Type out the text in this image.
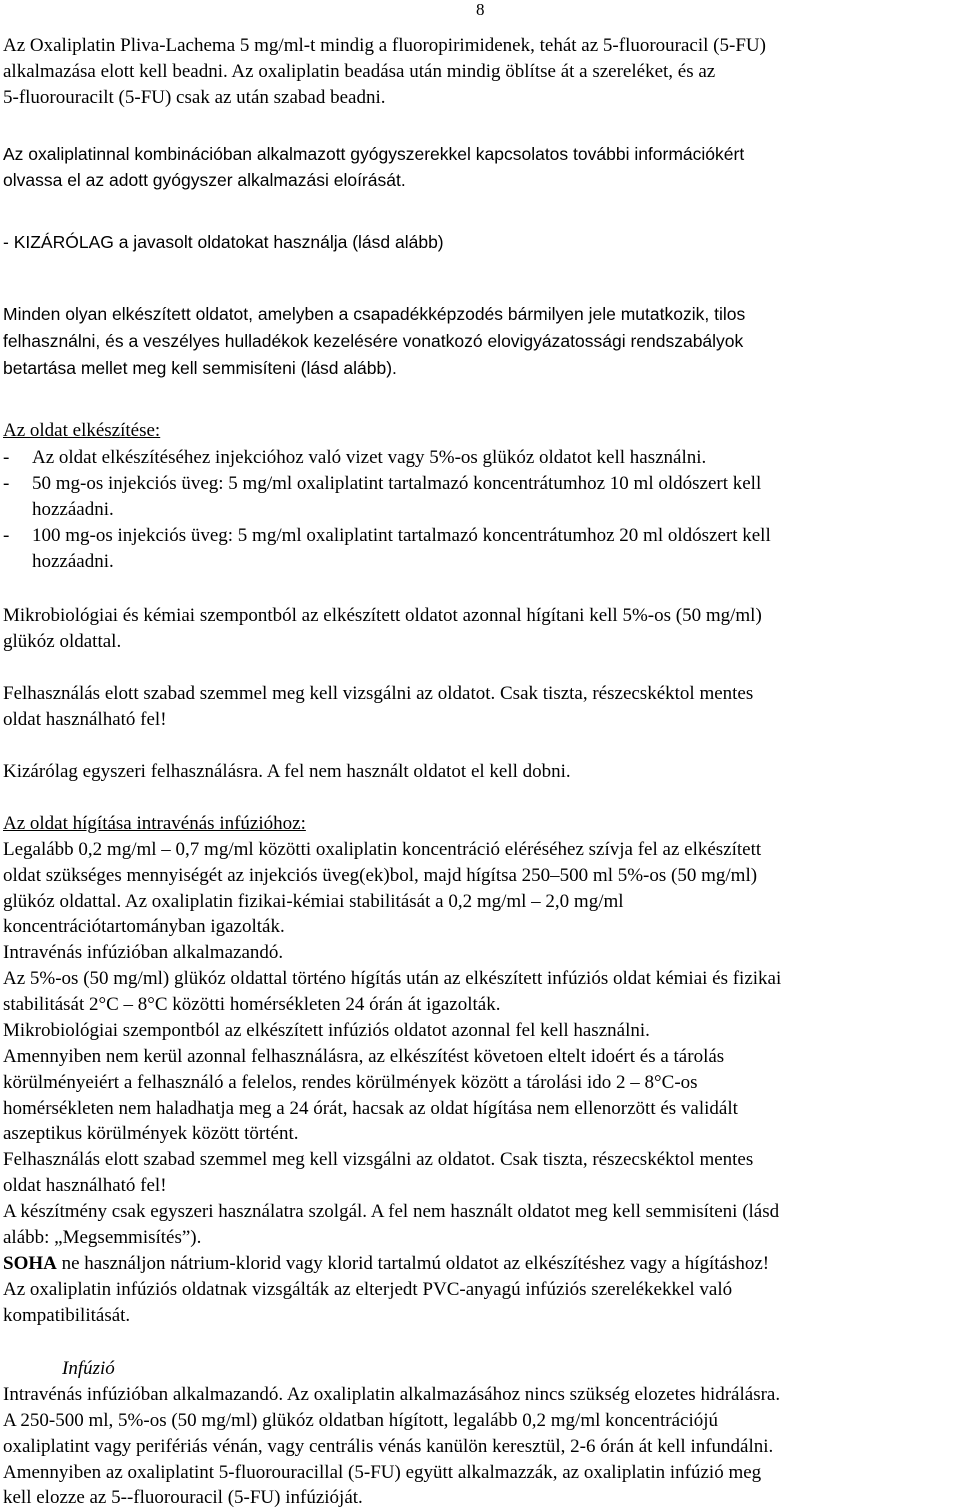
8
Az Oxaliplatin Pliva-Lachema 5 mg/ml-t mindig a fluoropirimidenek, tehát az 5-fluorouracil (5-FU)
alkalmazása elott kell beadni. Az oxaliplatin beadása után mindig öblítse át a szereléket, és az
5-fluorouracilt (5-FU) csak az után szabad beadni.
Az oxaliplatinnal kombinációban alkalmazott gyógyszerekkel kapcsolatos további információkért
olvassa el az adott gyógyszer alkalmazási eloírását.
- KIZÁRÓLAG a javasolt oldatokat használja (lásd alább)
Minden olyan elkészített oldatot, amelyben a csapadékképzodés bármilyen jele mutatkozik, tilos
felhasználni, és a veszélyes hulladékok kezelésére vonatkozó elovigyázatossági rendszabályok
betartása mellet meg kell semmisíteni (lásd alább).
Az oldat elkészítése:
- Az oldat elkészítéséhez injekcióhoz való vizet vagy 5%-os glükóz oldatot kell használni.
- 50 mg-os injekciós üveg: 5 mg/ml oxaliplatint tartalmazó koncentrátumhoz 10 ml oldószert kell
hozzáadni.
- 100 mg-os injekciós üveg: 5 mg/ml oxaliplatint tartalmazó koncentrátumhoz 20 ml oldószert kell
hozzáadni.
Mikrobiológiai és kémiai szempontból az elkészített oldatot azonnal hígítani kell 5%-os (50 mg/ml)
glükóz oldattal.
Felhasználás elott szabad szemmel meg kell vizsgálni az oldatot. Csak tiszta, részecskéktol mentes
oldat használható fel!
Kizárólag egyszeri felhasználásra. A fel nem használt oldatot el kell dobni.
Az oldat hígítása intravénás infúzióhoz:
Legalább 0,2 mg/ml – 0,7 mg/ml közötti oxaliplatin koncentráció eléréséhez szívja fel az elkészített
oldat szükséges mennyiségét az injekciós üveg(ek)bol, majd hígítsa 250–500 ml 5%-os (50 mg/ml)
glükóz oldattal. Az oxaliplatin fizikai-kémiai stabilitását a 0,2 mg/ml – 2,0 mg/ml
koncentrációtartományban igazolták.
Intravénás infúzióban alkalmazandó.
Az 5%-os (50 mg/ml) glükóz oldattal történo hígítás után az elkészített infúziós oldat kémiai és fizikai
stabilitását 2°C – 8°C közötti homérsékleten 24 órán át igazolták.
Mikrobiológiai szempontból az elkészített infúziós oldatot azonnal fel kell használni.
Amennyiben nem kerül azonnal felhasználásra, az elkészítést követoen eltelt idoért és a tárolás
körülményeiért a felhasználó a felelos, rendes körülmények között a tárolási ido 2 – 8°C-os
homérsékleten nem haladhatja meg a 24 órát, hacsak az oldat hígítása nem ellenorzött és validált
aszeptikus körülmények között történt.
Felhasználás elott szabad szemmel meg kell vizsgálni az oldatot. Csak tiszta, részecskéktol mentes
oldat használható fel!
A készítmény csak egyszeri használatra szolgál. A fel nem használt oldatot meg kell semmisíteni (lásd
alább: „Megsemmisítés”).
SOHA ne használjon nátrium-klorid vagy klorid tartalmú oldatot az elkészítéshez vagy a hígításhoz!
Az oxaliplatin infúziós oldatnak vizsgálták az elterjedt PVC-anyagú infúziós szerelékekkel való
kompatibilitását.
Infúzió
Intravénás infúzióban alkalmazandó. Az oxaliplatin alkalmazásához nincs szükség elozetes hidrálásra.
A 250-500 ml, 5%-os (50 mg/ml) glükóz oldatban hígított, legalább 0,2 mg/ml koncentrációjú
oxaliplatint vagy perifériás vénán, vagy centrális vénás kanülön keresztül, 2-6 órán át kell infundálni.
Amennyiben az oxaliplatint 5-fluorouracillal (5-FU) együtt alkalmazzák, az oxaliplatin infúzió meg
kell elozze az 5--fluorouracil (5-FU) infúzióját.
